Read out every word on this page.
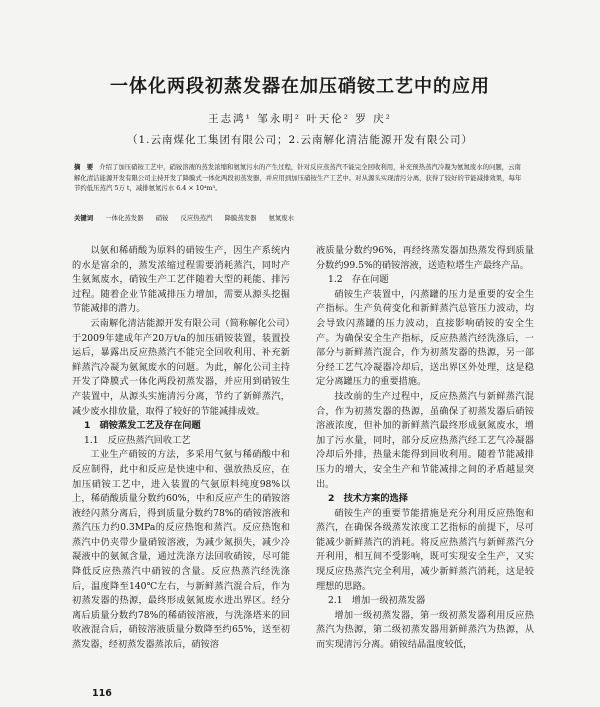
一体化两段初蒸发器在加压硝铵工艺中的应用
王志鸿¹ 邹永明² 叶天伦² 罗 庆²
（1.云南煤化工集团有限公司；2.云南解化清洁能源开发有限公司）
摘　要 介绍了加压硝铵工艺中，硝铵溶液的蒸发浓缩和氨氮污水的产生过程，针对反应蒸蒸汽不能完全回收利用，补充预热蒸汽冷凝为氨氮废水的问题，云南解化清洁能源开发有限公司主持开发了降膜式一体化两段初蒸发器，并应用到加压硝铵生产工艺中。对从源头实现清污分离，获得了较好的节能减排效果，每年节约低压蒸汽 5万 t，减排氨氮污水 6.4 × 10⁴m³。
关键词 一体化蒸发器 硝铵 反应热蒸汽 降膜蒸发器 氨氮废水

以氨和稀硝酸为原料的硝铵生产，因生产系统内的水是富余的，蒸发浓缩过程需要消耗蒸汽，同时产生氨氮废水，硝铵生产工艺伴随着大型的耗能、排污过程。随着企业节能减排压力增加，需要从源头挖掘节能减排的潜力。

云南解化清洁能源开发有限公司（简称解化公司）于2009年建成年产20万t/a的加压硝铵装置，装置投运后，暴露出反应热蒸汽不能完全回收利用、补充新鲜蒸汽冷凝为氨氮废水的问题。为此，解化公司主持开发了降膜式一体化两段初蒸发器，并应用到硝铵生产装置中，从源头实施清污分离，节约了新鲜蒸汽，减少废水排放量，取得了较好的节能减排成效。

1　硝铵蒸发工艺及存在问题
1.1　反应热蒸汽回收工艺

工业生产硝铵的方法，多采用气氨与稀硝酸中和反应制得，此中和反应是快速中和、强放热反应，在加压硝铵工艺中，进入装置的气氨原料纯度98%以上，稀硝酸质量分数约60%，中和反应产生的硝铵溶液经闪蒸分离后，得到质量分数约78%的硝铵溶液和蒸汽压力约0.3MPa的反应热饱和蒸汽。反应热饱和蒸汽中仍夹带少量硝铵溶液，为减少氮损失，减少冷凝液中的氨氮含量，通过洗涤方法回收硝铵，尽可能降低反应热蒸汽中硝铵的含量。反应热蒸汽经洗涤后，温度降至140℃左右，与新鲜蒸汽混合后，作为初蒸发器的热源，最终形成氨氮废水进出界区。经分离后质量分数约78%的稀硝铵溶液，与洗涤塔来的回收液混合后，硝铵溶液质量分数降至约65%，送至初蒸发器，经初蒸发器蒸浓后，硝铵溶

液质量分数约96%，再经终蒸发器加热蒸发得到质量分数约99.5%的硝铵溶液，送造粒塔生产最终产品。

1.2　存在问题

硝铵生产装置中，闪蒸罐的压力是重要的安全生产指标。生产负荷变化和新鲜蒸汽总管压力波动，均会导致闪蒸罐的压力波动，直接影响硝铵的安全生产。为确保安全生产指标，反应热蒸汽经洗涤后，一部分与新鲜蒸汽混合，作为初蒸发器的热源，另一部分经工艺气冷凝器冷却后，送出界区外处理，这是稳定分离罐压力的重要措施。

技改前的生产过程中，反应热蒸汽与新鲜蒸汽混合，作为初蒸发器的热源，虽确保了初蒸发器后硝铵溶液浓度，但补加的新鲜蒸汽最终形成氨氮废水，增加了污水量，同时，部分反应热蒸汽经工艺气冷凝器冷却后外排，热量未能得到回收利用。随着节能减排压力的增大，安全生产和节能减排之间的矛盾越显突出。

2　技术方案的选择

硝铵生产的重要节能措施是充分利用反应热饱和蒸汽，在确保各级蒸发浓度工艺指标的前提下，尽可能减少新鲜蒸汽的消耗。将反应热蒸汽与新鲜蒸汽分开利用，相互间不受影响，既可实现安全生产，又实现反应热蒸汽完全利用，减少新鲜蒸汽消耗，这是较理想的思路。

2.1　增加一级初蒸发器

增加一级初蒸发器，第一级初蒸发器利用反应热蒸汽为热源，第二级初蒸发器用新鲜蒸汽为热源，从而实现清污分离。硝铵结晶温度较低，

116
